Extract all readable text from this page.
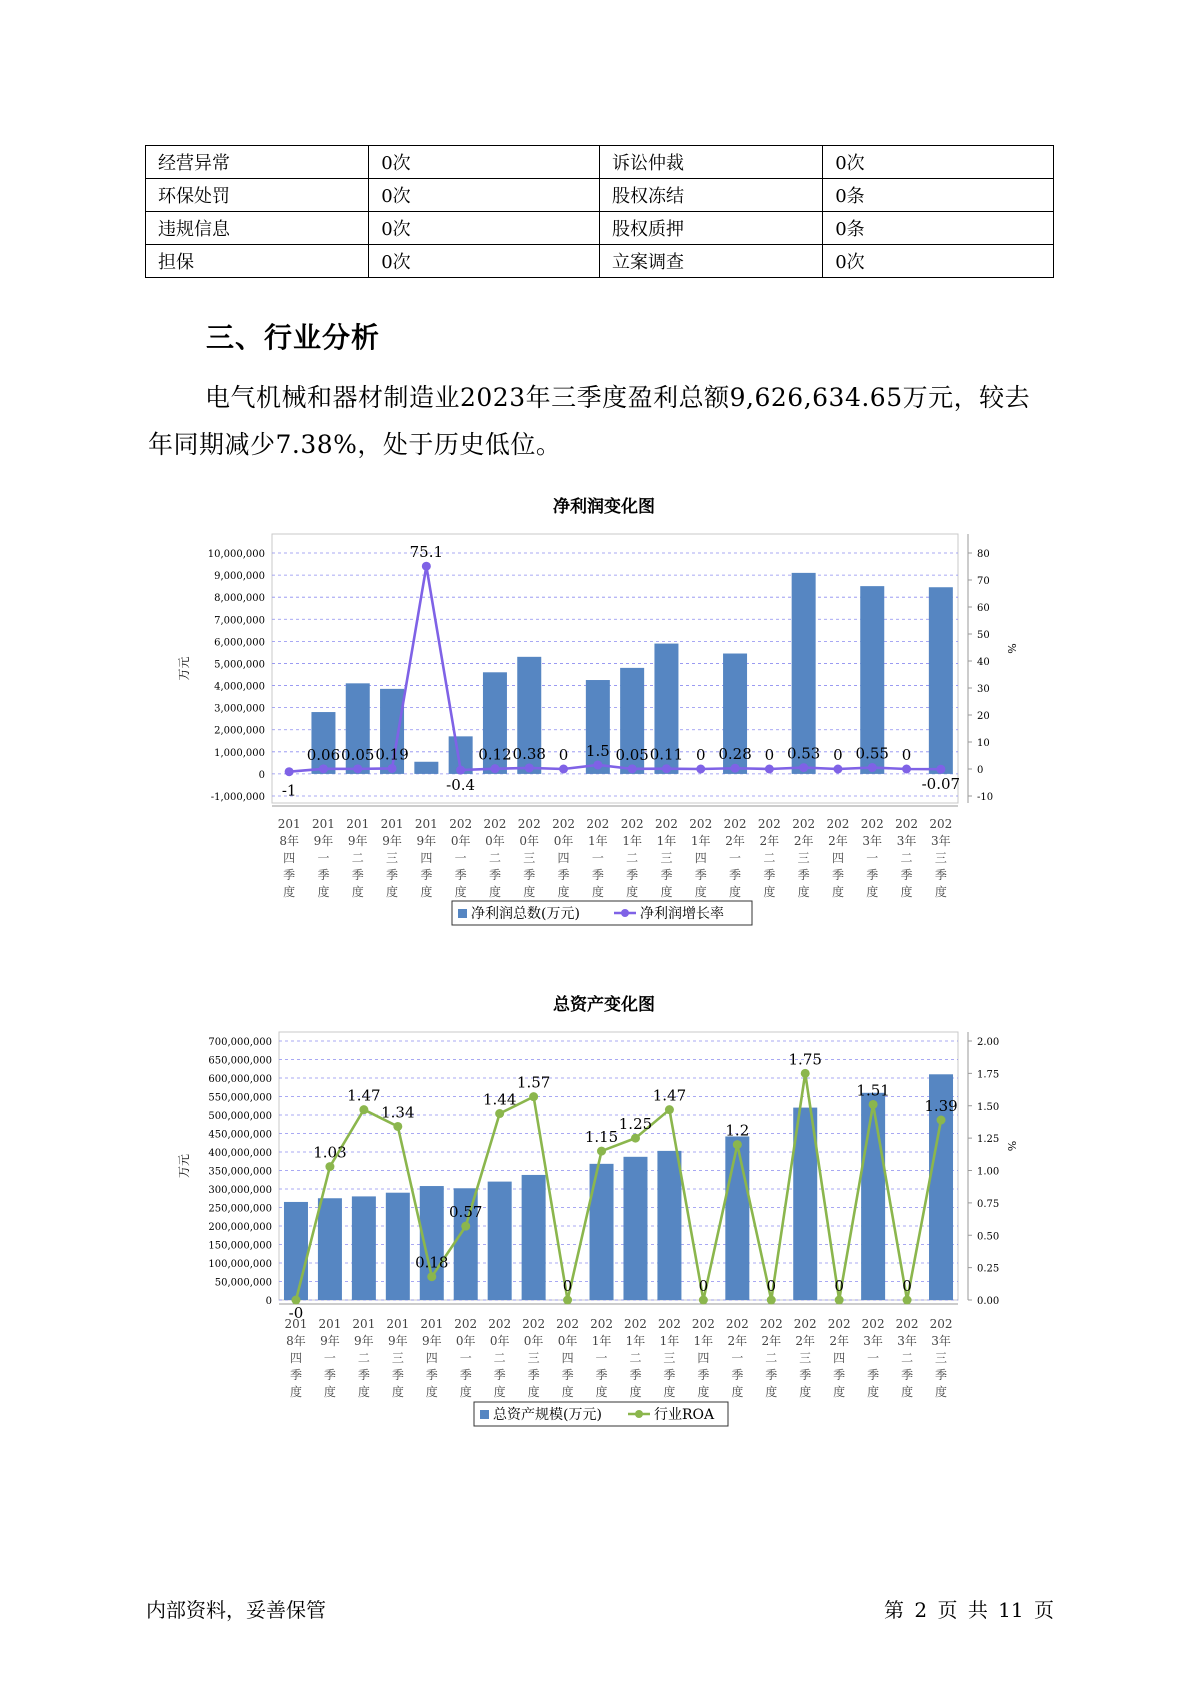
经营异常	0次	诉讼仲裁	0次
环保处罚	0次	股权冻结	0条
违规信息	0次	股权质押	0条
担保	0次	立案调查	0次
三、行业分析

电气机械和器材制造业2023年三季度盈利总额9,626,634.65万元，较去年同期减少7.38%，处于历史低位。

净利润变化图
10,000,000
9,000,000
8,000,000
7,000,000
6,000,000
5,000,000
4,000,000
3,000,000
2,000,000
1,000,000
0
-1,000,000
80
70
60
50
40
30
20
10
0
-10
万元
%
-1
0.06 0.05 0.19
75.1
-0.4
0.12 0.38 0 1.5 0.05 0.11 0 0.28 0 0.53 0 0.55 0
-0.07
201 8年四季度
201 9年一季度
201 9年二季度
201 9年三季度
201 9年四季度
202 0年一季度
202 0年二季度
202 0年三季度
202 0年四季度
202 1年一季度
202 1年二季度
202 1年三季度
202 1年四季度
202 2年一季度
202 2年二季度
202 2年三季度
202 2年四季度
202 3年一季度
202 3年二季度
202 3年三季度
净利润总数(万元)	净利润增长率
总资产变化图
700,000,000
650,000,000
600,000,000
550,000,000
500,000,000
450,000,000
400,000,000
350,000,000
300,000,000
250,000,000
200,000,000
150,000,000
100,000,000
50,000,000
0
2.00
1.75
1.50
1.25
1.00
0.75
0.50
0.25
0.00
万元
%
-0
1.03
1.47
1.34
0.18
0.57
1.44
1.57
0
1.15
1.25
1.47
0
1.2
0
1.75
0
1.51
0
1.39
201 8年四季度
201 9年一季度
201 9年二季度
201 9年三季度
201 9年四季度
202 0年一季度
202 0年二季度
202 0年三季度
202 0年四季度
202 1年一季度
202 1年二季度
202 1年三季度
202 1年四季度
202 2年一季度
202 2年二季度
202 2年三季度
202 2年四季度
202 3年一季度
202 3年二季度
202 3年三季度
总资产规模(万元)	行业ROA
内部资料，妥善保管	第 2 页 共 11 页
